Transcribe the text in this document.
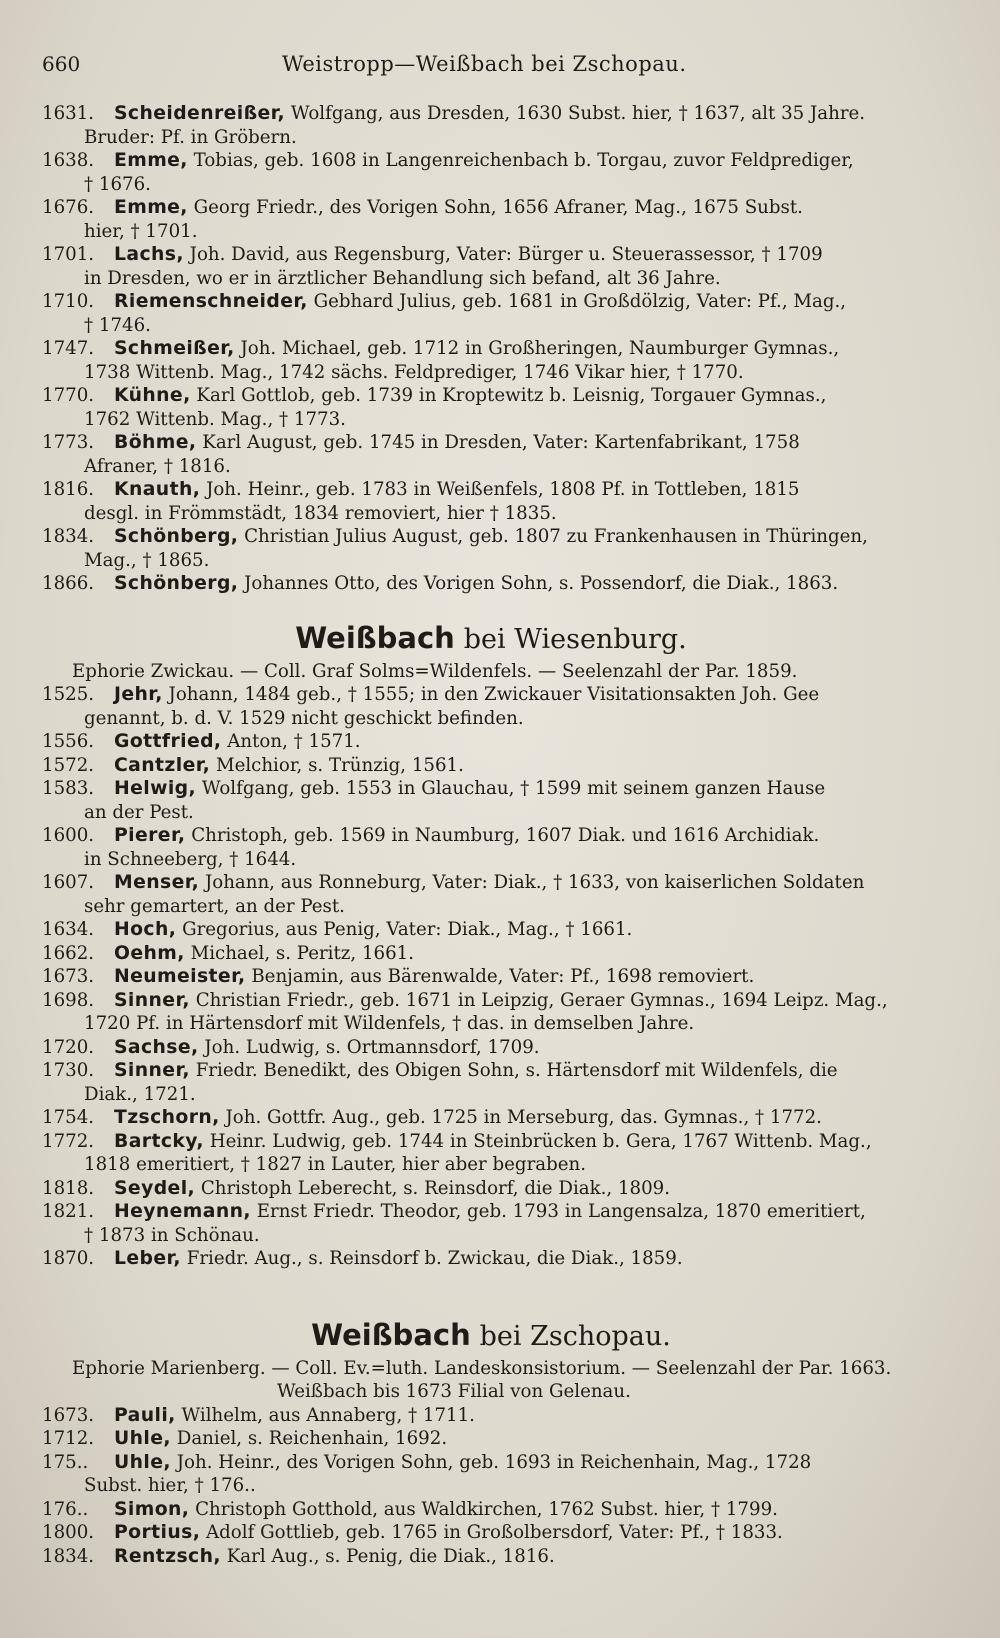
660	Weistropp—Weißbach bei Zschopau.
1631.	Scheidenreißer, Wolfgang, aus Dresden, 1630 Subst. hier, † 1637, alt 35 Jahre.
Bruder: Pf. in Gröbern.
1638.	Emme, Tobias, geb. 1608 in Langenreichenbach b. Torgau, zuvor Feldprediger,
† 1676.
1676.	Emme, Georg Friedr., des Vorigen Sohn, 1656 Afraner, Mag., 1675 Subst.
hier, † 1701.
1701.	Lachs, Joh. David, aus Regensburg, Vater: Bürger u. Steuerassessor, † 1709
in Dresden, wo er in ärztlicher Behandlung sich befand, alt 36 Jahre.
1710.	Riemenschneider, Gebhard Julius, geb. 1681 in Großdölzig, Vater: Pf., Mag.,
† 1746.
1747.	Schmeißer, Joh. Michael, geb. 1712 in Großheringen, Naumburger Gymnas.,
1738 Wittenb. Mag., 1742 sächs. Feldprediger, 1746 Vikar hier, † 1770.
1770.	Kühne, Karl Gottlob, geb. 1739 in Kroptewitz b. Leisnig, Torgauer Gymnas.,
1762 Wittenb. Mag., † 1773.
1773.	Böhme, Karl August, geb. 1745 in Dresden, Vater: Kartenfabrikant, 1758
Afraner, † 1816.
1816.	Knauth, Joh. Heinr., geb. 1783 in Weißenfels, 1808 Pf. in Tottleben, 1815
desgl. in Frömmstädt, 1834 removiert, hier † 1835.
1834.	Schönberg, Christian Julius August, geb. 1807 zu Frankenhausen in Thüringen,
Mag., † 1865.
1866.	Schönberg, Johannes Otto, des Vorigen Sohn, s. Possendorf, die Diak., 1863.
Weißbach bei Wiesenburg.
Ephorie Zwickau. — Coll. Graf Solms=Wildenfels. — Seelenzahl der Par. 1859.
1525.	Jehr, Johann, 1484 geb., † 1555; in den Zwickauer Visitationsakten Joh. Gee
genannt, b. d. V. 1529 nicht geschickt befinden.
1556.	Gottfried, Anton, † 1571.
1572.	Cantzler, Melchior, s. Trünzig, 1561.
1583.	Helwig, Wolfgang, geb. 1553 in Glauchau, † 1599 mit seinem ganzen Hause
an der Pest.
1600.	Pierer, Christoph, geb. 1569 in Naumburg, 1607 Diak. und 1616 Archidiak.
in Schneeberg, † 1644.
1607.	Menser, Johann, aus Ronneburg, Vater: Diak., † 1633, von kaiserlichen Soldaten
sehr gemartert, an der Pest.
1634.	Hoch, Gregorius, aus Penig, Vater: Diak., Mag., † 1661.
1662.	Oehm, Michael, s. Peritz, 1661.
1673.	Neumeister, Benjamin, aus Bärenwalde, Vater: Pf., 1698 removiert.
1698.	Sinner, Christian Friedr., geb. 1671 in Leipzig, Geraer Gymnas., 1694 Leipz. Mag.,
1720 Pf. in Härtensdorf mit Wildenfels, † das. in demselben Jahre.
1720.	Sachse, Joh. Ludwig, s. Ortmannsdorf, 1709.
1730.	Sinner, Friedr. Benedikt, des Obigen Sohn, s. Härtensdorf mit Wildenfels, die
Diak., 1721.
1754.	Tzschorn, Joh. Gottfr. Aug., geb. 1725 in Merseburg, das. Gymnas., † 1772.
1772.	Bartcky, Heinr. Ludwig, geb. 1744 in Steinbrücken b. Gera, 1767 Wittenb. Mag.,
1818 emeritiert, † 1827 in Lauter, hier aber begraben.
1818.	Seydel, Christoph Leberecht, s. Reinsdorf, die Diak., 1809.
1821.	Heynemann, Ernst Friedr. Theodor, geb. 1793 in Langensalza, 1870 emeritiert,
† 1873 in Schönau.
1870.	Leber, Friedr. Aug., s. Reinsdorf b. Zwickau, die Diak., 1859.
Weißbach bei Zschopau.
Ephorie Marienberg. — Coll. Ev.=luth. Landeskonsistorium. — Seelenzahl der Par. 1663.
Weißbach bis 1673 Filial von Gelenau.
1673.	Pauli, Wilhelm, aus Annaberg, † 1711.
1712.	Uhle, Daniel, s. Reichenhain, 1692.
175..	Uhle, Joh. Heinr., des Vorigen Sohn, geb. 1693 in Reichenhain, Mag., 1728
Subst. hier, † 176..
176..	Simon, Christoph Gotthold, aus Waldkirchen, 1762 Subst. hier, † 1799.
1800.	Portius, Adolf Gottlieb, geb. 1765 in Großolbersdorf, Vater: Pf., † 1833.
1834.	Rentzsch, Karl Aug., s. Penig, die Diak., 1816.
